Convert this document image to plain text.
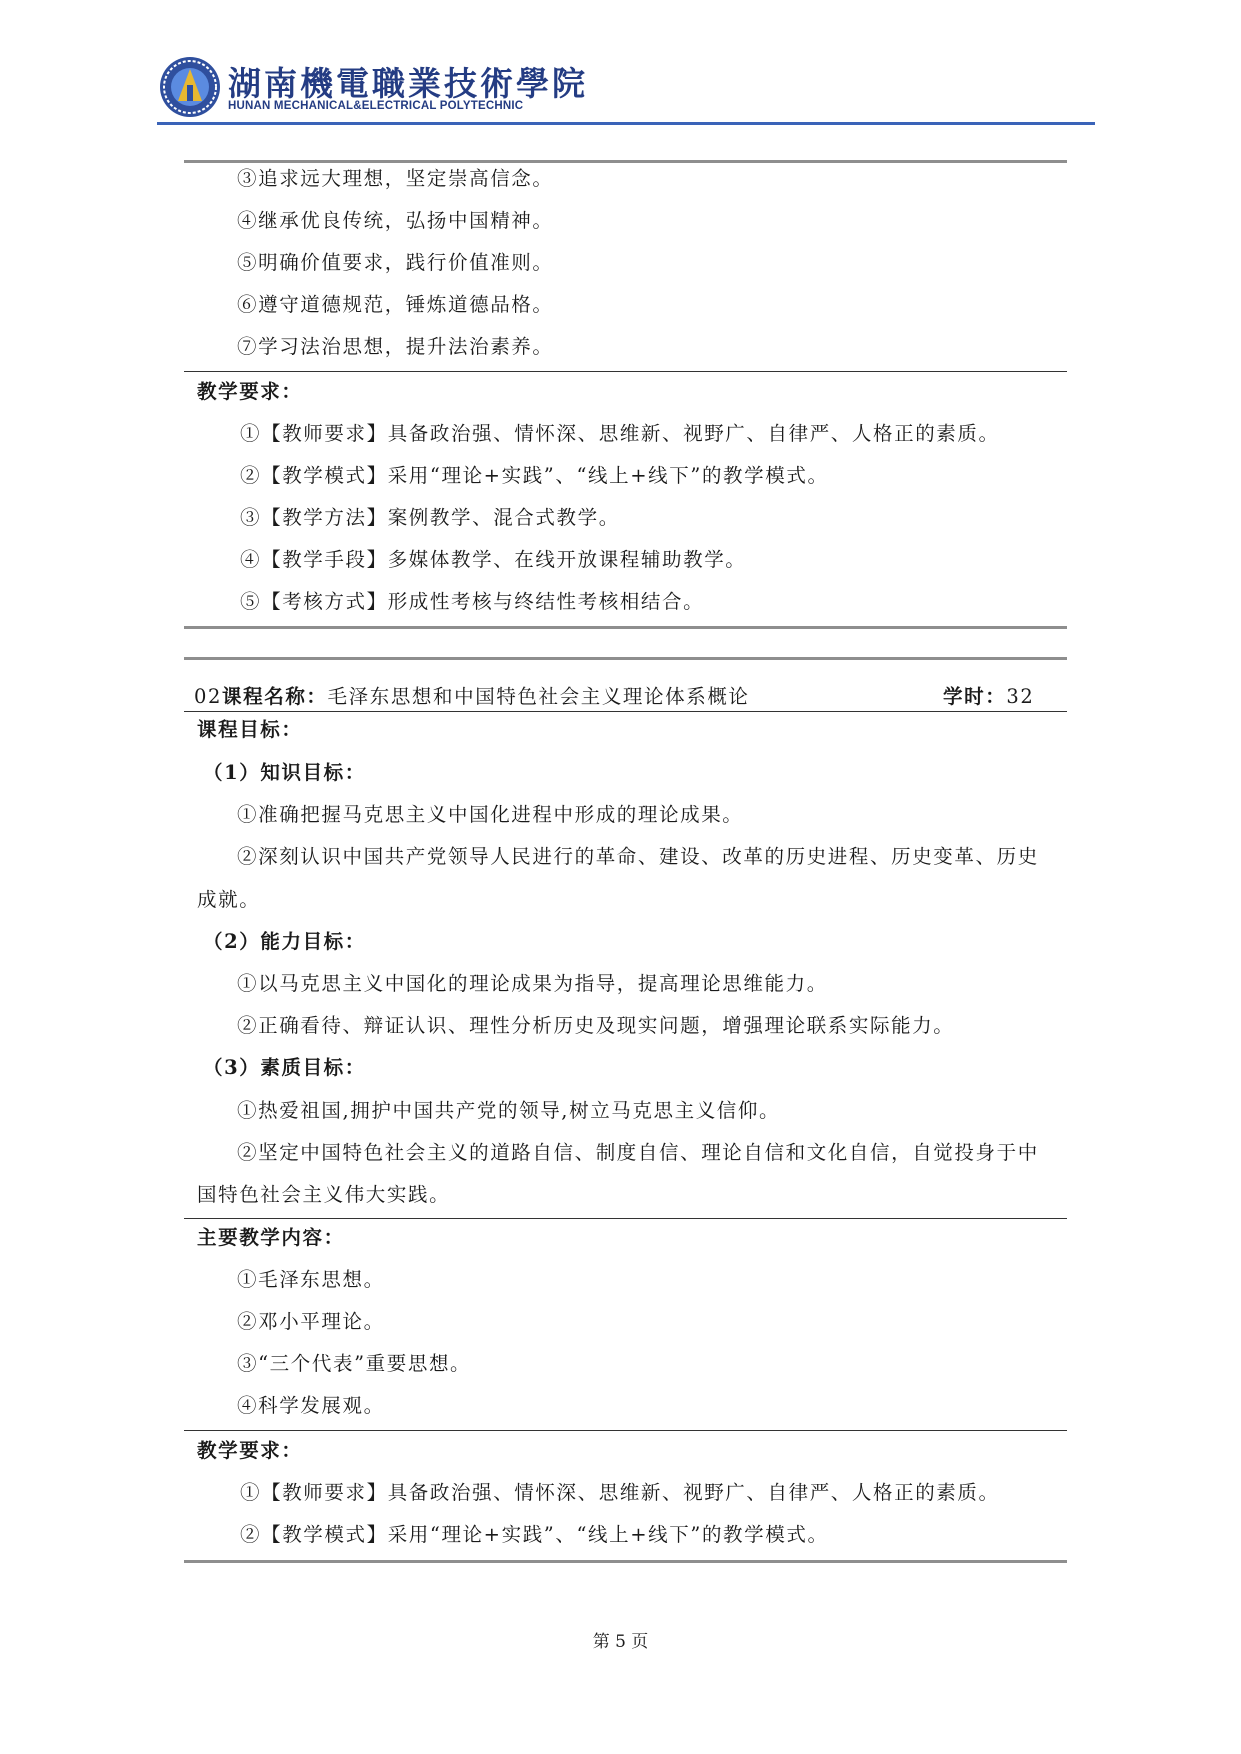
湖南機電職業技術學院
HUNAN MECHANICAL&ELECTRICAL POLYTECHNIC
③追求远大理想，坚定崇高信念。
④继承优良传统，弘扬中国精神。
⑤明确价值要求，践行价值准则。
⑥遵守道德规范，锤炼道德品格。
⑦学习法治思想，提升法治素养。
教学要求：
①【教师要求】具备政治强、情怀深、思维新、视野广、自律严、人格正的素质。
②【教学模式】采用“理论+实践”、“线上+线下”的教学模式。
③【教学方法】案例教学、混合式教学。
④【教学手段】多媒体教学、在线开放课程辅助教学。
⑤【考核方式】形成性考核与终结性考核相结合。
02课程名称：毛泽东思想和中国特色社会主义理论体系概论	学时：32
课程目标：
（1）知识目标：
①准确把握马克思主义中国化进程中形成的理论成果。
②深刻认识中国共产党领导人民进行的革命、建设、改革的历史进程、历史变革、历史
成就。
（2）能力目标：
①以马克思主义中国化的理论成果为指导，提高理论思维能力。
②正确看待、辩证认识、理性分析历史及现实问题，增强理论联系实际能力。
（3）素质目标：
①热爱祖国,拥护中国共产党的领导,树立马克思主义信仰。
②坚定中国特色社会主义的道路自信、制度自信、理论自信和文化自信，自觉投身于中
国特色社会主义伟大实践。
主要教学内容：
①毛泽东思想。
②邓小平理论。
③“三个代表”重要思想。
④科学发展观。
教学要求：
①【教师要求】具备政治强、情怀深、思维新、视野广、自律严、人格正的素质。
②【教学模式】采用“理论+实践”、“线上+线下”的教学模式。
第 5 页
